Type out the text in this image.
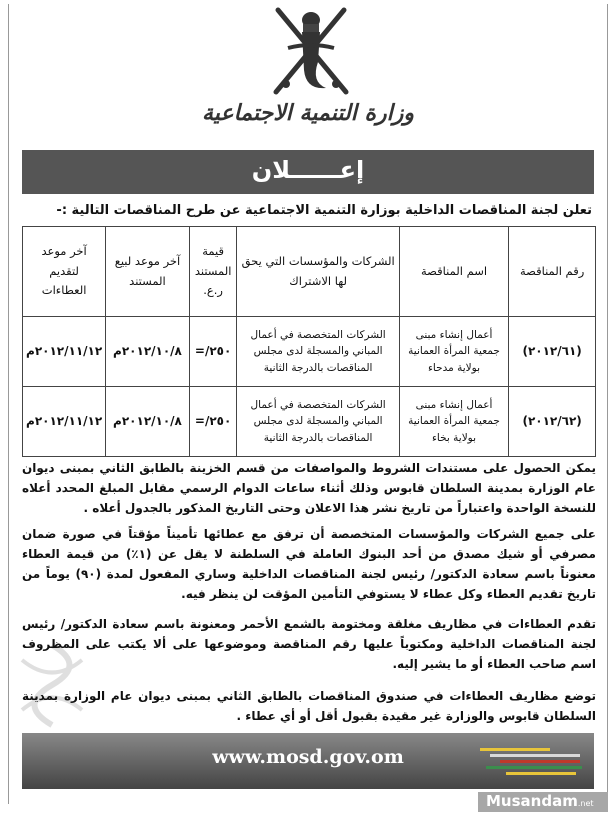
وزارة التنمية الاجتماعية
إعــــــلان
تعلن لجنة المناقصات الداخلية بوزارة التنمية الاجتماعية عن طرح المناقصات التالية :-
رقم المناقصة	اسم المناقصة	الشركات والمؤسسات التي يحق لها الاشتراك	قيمة المستند ر.ع.	آخر موعد لبيع المستند	آخر موعد لتقديم العطاءات
(٢٠١٢/٦١)	أعمال إنشاء مبنى جمعية المرأة العمانية بولاية مدحاء	الشركات المتخصصة في أعمال المباني والمسجلة لدى مجلس المناقصات بالدرجة الثانية	٢٥٠/=	٢٠١٢/١٠/٨م	٢٠١٢/١١/١٢م
(٢٠١٢/٦٢)	أعمال إنشاء مبنى جمعية المرأة العمانية بولاية بخاء	الشركات المتخصصة في أعمال المباني والمسجلة لدى مجلس المناقصات بالدرجة الثانية	٢٥٠/=	٢٠١٢/١٠/٨م	٢٠١٢/١١/١٢م

يمكن الحصول على مستندات الشروط والمواصفات من قسم الخزينة بالطابق الثاني بمبنى ديوان عام الوزارة بمدينة السلطان قابوس وذلك أثناء ساعات الدوام الرسمي مقابل المبلغ المحدد أعلاه للنسخة الواحدة واعتباراً من تاريخ نشر هذا الاعلان وحتى التاريخ المذكور بالجدول أعلاه .

على جميع الشركات والمؤسسات المتخصصة أن ترفق مع عطائها تأميناً مؤقتاً في صورة ضمان مصرفي أو شيك مصدق من أحد البنوك العاملة في السلطنة لا يقل عن (١٪) من قيمة العطاء معنوناً باسم سعادة الدكتور/ رئيس لجنة المناقصات الداخلية وساري المفعول لمدة (٩٠) يوماً من تاريخ تقديم العطاء وكل عطاء لا يستوفي التأمين المؤقت لن ينظر فيه.

تقدم العطاءات في مظاريف مغلقة ومختومة بالشمع الأحمر ومعنونة باسم سعادة الدكتور/ رئيس لجنة المناقصات الداخلية ومكتوباً عليها رقم المناقصة وموضوعها على ألا يكتب على المظروف اسم صاحب العطاء أو ما يشير إليه.

توضع مظاريف العطاءات في صندوق المناقصات بالطابق الثاني بمبنى ديوان عام الوزارة بمدينة السلطان قابوس والوزارة غير مقيدة بقبول أقل أو أي عطاء .

www.mosd.gov.om
Musandam.net
